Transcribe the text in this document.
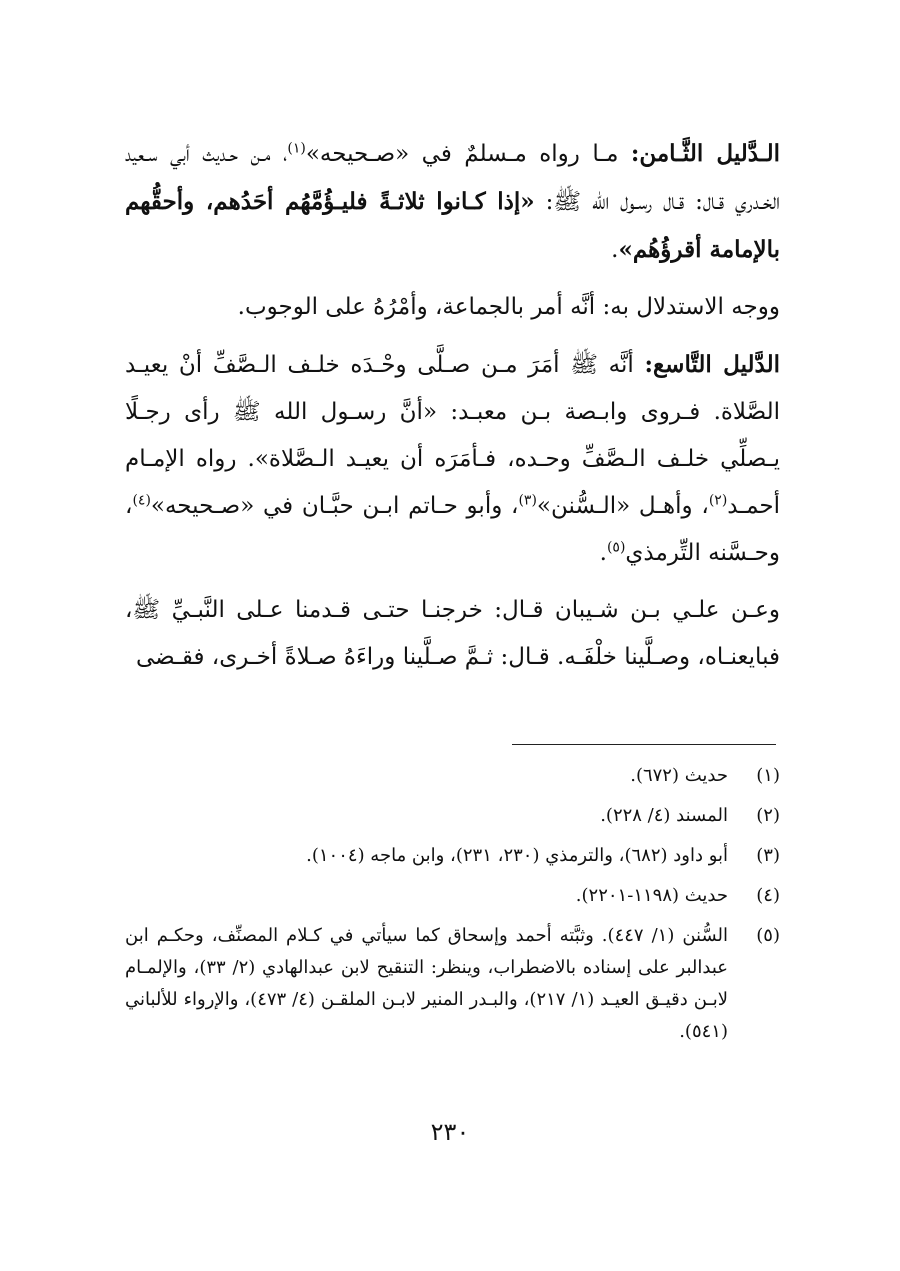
الـدَّليل الثَّـامن: مـا رواه مـسلمٌ في «صـحيحه»$^{(١)}$، مـن حـديث أبي سـعيد الخـدري قـال: قـال رسـول الله ﷺ: «إذا كـانوا ثلاثـةً فليـؤُمَّهُم أحَدُهم، وأحقُّهم بالإمامة أقرؤُهُم».

ووجه الاستدلال به: أنَّه أمر بالجماعة، وأمْرُهُ على الوجوب.

الدَّليل التَّاسع: أنَّه ﷺ أمَرَ مـن صـلَّى وحْـدَه خلـف الـصَّفِّ أنْ يعيـد الصَّلاة. فـروى وابـصة بـن معبـد: «أنَّ رسـول الله ﷺ رأى رجـلًا يـصلِّي خلـف الـصَّفِّ وحـده، فـأمَرَه أن يعيـد الـصَّلاة». رواه الإمـام أحمـد$^{(٢)}$، وأهـل «الـسُّنن»$^{(٣)}$، وأبو حـاتم ابـن حبَّـان في «صـحيحه»$^{(٤)}$، وحـسَّنه التِّرمذي$^{(٥)}$.

وعـن علـي بـن شـيبان قـال: خرجنـا حتـى قـدمنا عـلى النَّبـيِّ ﷺ، فبايعنـاه، وصـلَّينا خلْفَـه. قـال: ثـمَّ صـلَّينا وراءَهُ صـلاةً أخـرى، فقـضى

(١)
حديث (٦٧٢).
(٢)
المسند (٤/ ٢٢٨).
(٣)
أبو داود (٦٨٢)، والترمذي (٢٣٠، ٢٣١)، وابن ماجه (١٠٠٤).
(٤)
حديث (١١٩٨-٢٢٠١).
(٥)
السُّنن (١/ ٤٤٧). وثبَّته أحمد وإسحاق كما سيأتي في كـلام المصنِّف، وحكـم ابن عبدالبر على إسناده بالاضطراب، وينظر: التنقيح لابن عبدالهادي (٢/ ٣٣)، والإلمـام لابـن دقيـق العيـد (١/ ٢١٧)، والبـدر المنير لابـن الملقـن (٤/ ٤٧٣)، والإرواء للألباني (٥٤١).
٢٣٠
